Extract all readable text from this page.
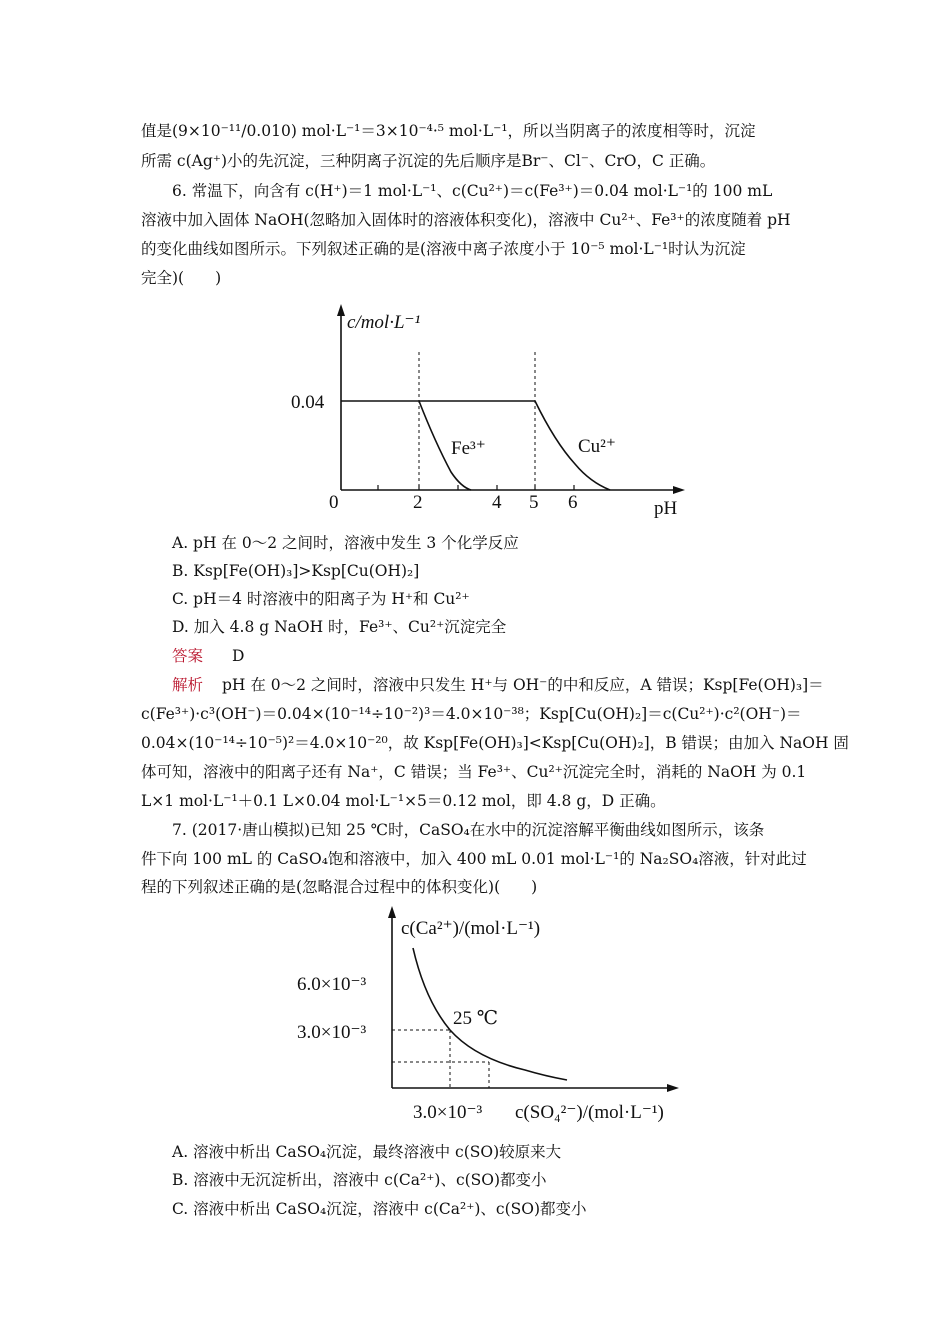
值是(9×10⁻¹¹/0.010) mol·L⁻¹＝3×10⁻⁴·⁵ mol·L⁻¹，所以当阴离子的浓度相等时，沉淀
所需 c(Ag⁺)小的先沉淀，三种阴离子沉淀的先后顺序是Br⁻、Cl⁻、CrO，C 正确。
6. 常温下，向含有 c(H⁺)＝1 mol·L⁻¹、c(Cu²⁺)＝c(Fe³⁺)＝0.04 mol·L⁻¹的 100 mL
溶液中加入固体 NaOH(忽略加入固体时的溶液体积变化)，溶液中 Cu²⁺、Fe³⁺的浓度随着 pH
的变化曲线如图所示。下列叙述正确的是(溶液中离子浓度小于 10⁻⁵ mol·L⁻¹时认为沉淀
完全)(　　)
c/mol·L⁻¹
0.04
0	2	4 5 6	pH
Fe³⁺	Cu²⁺
A. pH 在 0～2 之间时，溶液中发生 3 个化学反应
B. Ksp[Fe(OH)₃]>Ksp[Cu(OH)₂]
C. pH＝4 时溶液中的阳离子为 H⁺和 Cu²⁺
D. 加入 4.8 g NaOH 时，Fe³⁺、Cu²⁺沉淀完全
答案 D
解析 pH 在 0～2 之间时，溶液中只发生 H⁺与 OH⁻的中和反应，A 错误；Ksp[Fe(OH)₃]＝
c(Fe³⁺)·c³(OH⁻)＝0.04×(10⁻¹⁴÷10⁻²)³＝4.0×10⁻³⁸；Ksp[Cu(OH)₂]＝c(Cu²⁺)·c²(OH⁻)＝
0.04×(10⁻¹⁴÷10⁻⁵)²＝4.0×10⁻²⁰，故 Ksp[Fe(OH)₃]<Ksp[Cu(OH)₂]，B 错误；由加入 NaOH 固
体可知，溶液中的阳离子还有 Na⁺，C 错误；当 Fe³⁺、Cu²⁺沉淀完全时，消耗的 NaOH 为 0.1
L×1 mol·L⁻¹＋0.1 L×0.04 mol·L⁻¹×5＝0.12 mol，即 4.8 g，D 正确。
7. (2017·唐山模拟)已知 25 ℃时，CaSO₄在水中的沉淀溶解平衡曲线如图所示，该条
件下向 100 mL 的 CaSO₄饱和溶液中，加入 400 mL 0.01 mol·L⁻¹的 Na₂SO₄溶液，针对此过
程的下列叙述正确的是(忽略混合过程中的体积变化)(　　)
c(Ca²⁺)/(mol·L⁻¹)
6.0×10⁻³
3.0×10⁻³
25 ℃
3.0×10⁻³ c(SO₄²⁻)/(mol·L⁻¹)
A. 溶液中析出 CaSO₄沉淀，最终溶液中 c(SO)较原来大
B. 溶液中无沉淀析出，溶液中 c(Ca²⁺)、c(SO)都变小
C. 溶液中析出 CaSO₄沉淀，溶液中 c(Ca²⁺)、c(SO)都变小
